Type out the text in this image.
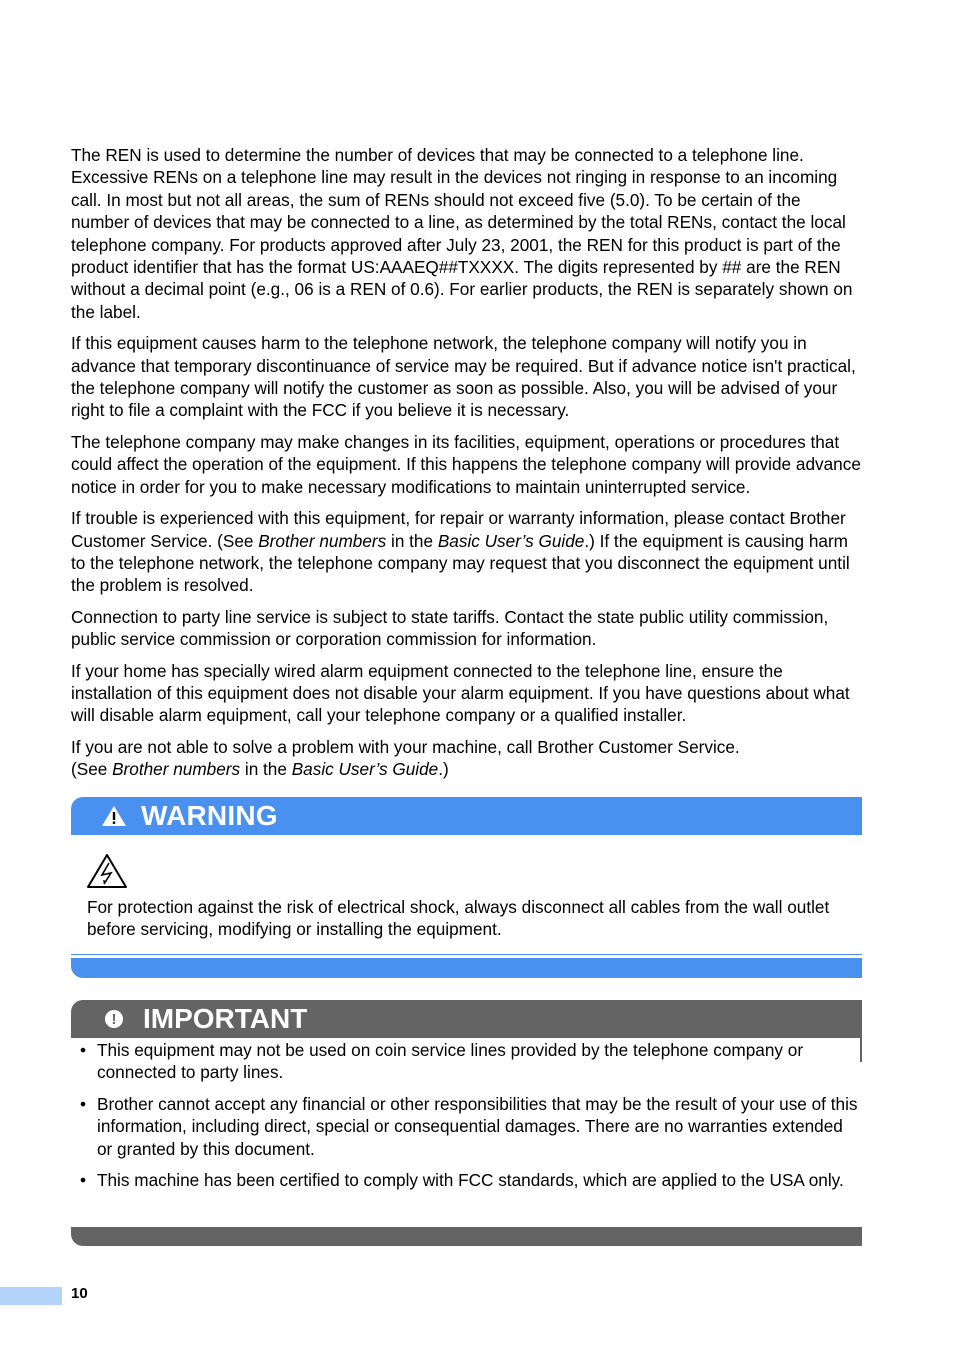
The REN is used to determine the number of devices that may be connected to a telephone line. Excessive RENs on a telephone line may result in the devices not ringing in response to an incoming call. In most but not all areas, the sum of RENs should not exceed five (5.0). To be certain of the number of devices that may be connected to a line, as determined by the total RENs, contact the local telephone company. For products approved after July 23, 2001, the REN for this product is part of the product identifier that has the format US:AAAEQ##TXXXX. The digits represented by ## are the REN without a decimal point (e.g., 06 is a REN of 0.6). For earlier products, the REN is separately shown on the label.

If this equipment causes harm to the telephone network, the telephone company will notify you in advance that temporary discontinuance of service may be required. But if advance notice isn't practical, the telephone company will notify the customer as soon as possible. Also, you will be advised of your right to file a complaint with the FCC if you believe it is necessary.

The telephone company may make changes in its facilities, equipment, operations or procedures that could affect the operation of the equipment. If this happens the telephone company will provide advance notice in order for you to make necessary modifications to maintain uninterrupted service.

If trouble is experienced with this equipment, for repair or warranty information, please contact Brother Customer Service. (See Brother numbers in the Basic User’s Guide.) If the equipment is causing harm to the telephone network, the telephone company may request that you disconnect the equipment until the problem is resolved.

Connection to party line service is subject to state tariffs. Contact the state public utility commission, public service commission or corporation commission for information.

If your home has specially wired alarm equipment connected to the telephone line, ensure the installation of this equipment does not disable your alarm equipment. If you have questions about what will disable alarm equipment, call your telephone company or a qualified installer.

If you are not able to solve a problem with your machine, call Brother Customer Service.
(See Brother numbers in the Basic User’s Guide.)

WARNING

For protection against the risk of electrical shock, always disconnect all cables from the wall outlet before servicing, modifying or installing the equipment.

! IMPORTANT
• This equipment may not be used on coin service lines provided by the telephone company or connected to party lines.
• Brother cannot accept any financial or other responsibilities that may be the result of your use of this information, including direct, special or consequential damages. There are no warranties extended or granted by this document.
• This machine has been certified to comply with FCC standards, which are applied to the USA only.
10
